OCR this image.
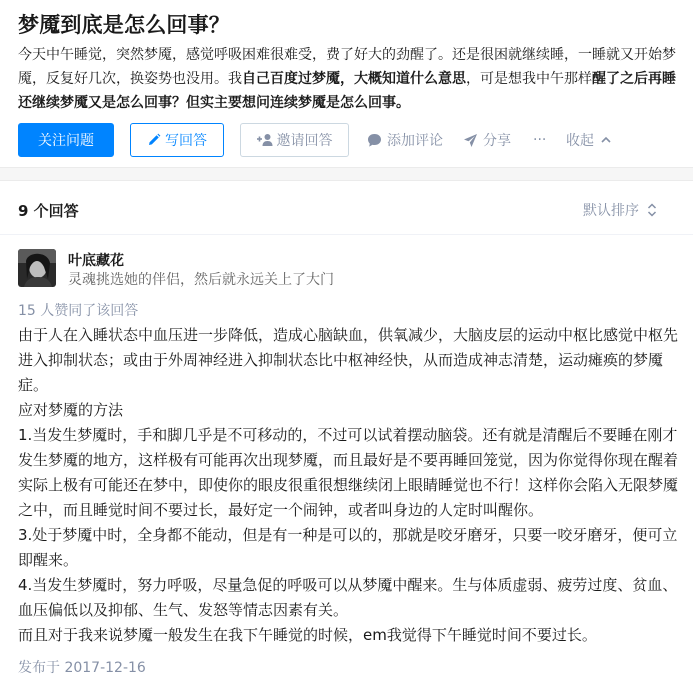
梦魇到底是怎么回事？
今天中午睡觉，突然梦魇，感觉呼吸困难很难受，费了好大的劲醒了。还是很困就继续睡，一睡就又开始梦魇，反复好几次，换姿势也没用。我自己百度过梦魇，大概知道什么意思，可是想我中午那样醒了之后再睡还继续梦魇又是怎么回事？但实主要想问连续梦魇是怎么回事。
关注问题	写回答	邀请回答	添加评论	分享 ··· 收起
9 个回答	默认排序
叶底藏花
灵魂挑选她的伴侣，然后就永远关上了大门
15 人赞同了该回答

由于人在入睡状态中血压进一步降低，造成心脑缺血，供氧减少，大脑皮层的运动中枢比感觉中枢先进入抑制状态；或由于外周神经进入抑制状态比中枢神经快，从而造成神志清楚，运动瘫痪的梦魇症。

应对梦魇的方法

1.当发生梦魇时，手和脚几乎是不可移动的，不过可以试着摆动脑袋。还有就是清醒后不要睡在刚才发生梦魇的地方，这样极有可能再次出现梦魇，而且最好是不要再睡回笼觉，因为你觉得你现在醒着实际上极有可能还在梦中，即使你的眼皮很重很想继续闭上眼睛睡觉也不行！这样你会陷入无限梦魇之中，而且睡觉时间不要过长，最好定一个闹钟，或者叫身边的人定时叫醒你。

3.处于梦魇中时，全身都不能动，但是有一种是可以的，那就是咬牙磨牙，只要一咬牙磨牙，便可立即醒来。

4.当发生梦魇时，努力呼吸，尽量急促的呼吸可以从梦魇中醒来。生与体质虚弱、疲劳过度、贫血、血压偏低以及抑郁、生气、发怒等情志因素有关。

而且对于我来说梦魇一般发生在我下午睡觉的时候，em我觉得下午睡觉时间不要过长。

发布于 2017-12-16
